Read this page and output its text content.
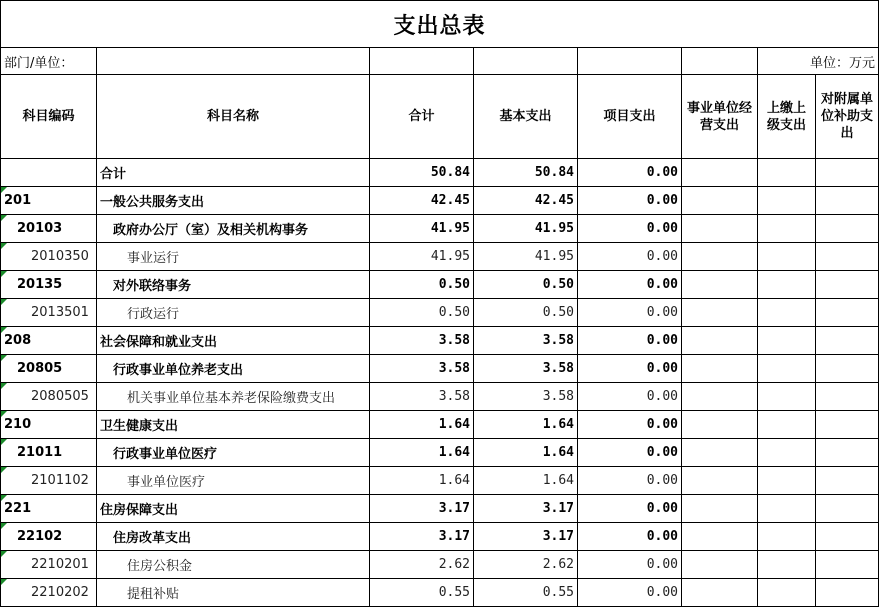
支出总表							
部门/单位：						单位：万元	
科目编码	科目名称	合计	基本支出	项目支出	事业单位经营支出	上缴上级支出	对附属单位补助支出
	合计	50.84	50.84	0.00			

201	一般公共服务支出	42.45	42.45	0.00			

20103	政府办公厅（室）及相关机构事务	41.95	41.95	0.00			

2010350	事业运行	41.95	41.95	0.00			

20135	对外联络事务	0.50	0.50	0.00			

2013501	行政运行	0.50	0.50	0.00			

208	社会保障和就业支出	3.58	3.58	0.00			

20805	行政事业单位养老支出	3.58	3.58	0.00			

2080505	机关事业单位基本养老保险缴费支出	3.58	3.58	0.00			

210	卫生健康支出	1.64	1.64	0.00			

21011	行政事业单位医疗	1.64	1.64	0.00			

2101102	事业单位医疗	1.64	1.64	0.00			

221	住房保障支出	3.17	3.17	0.00			

22102	住房改革支出	3.17	3.17	0.00			

2210201	住房公积金	2.62	2.62	0.00			

2210202	提租补贴	0.55	0.55	0.00			
